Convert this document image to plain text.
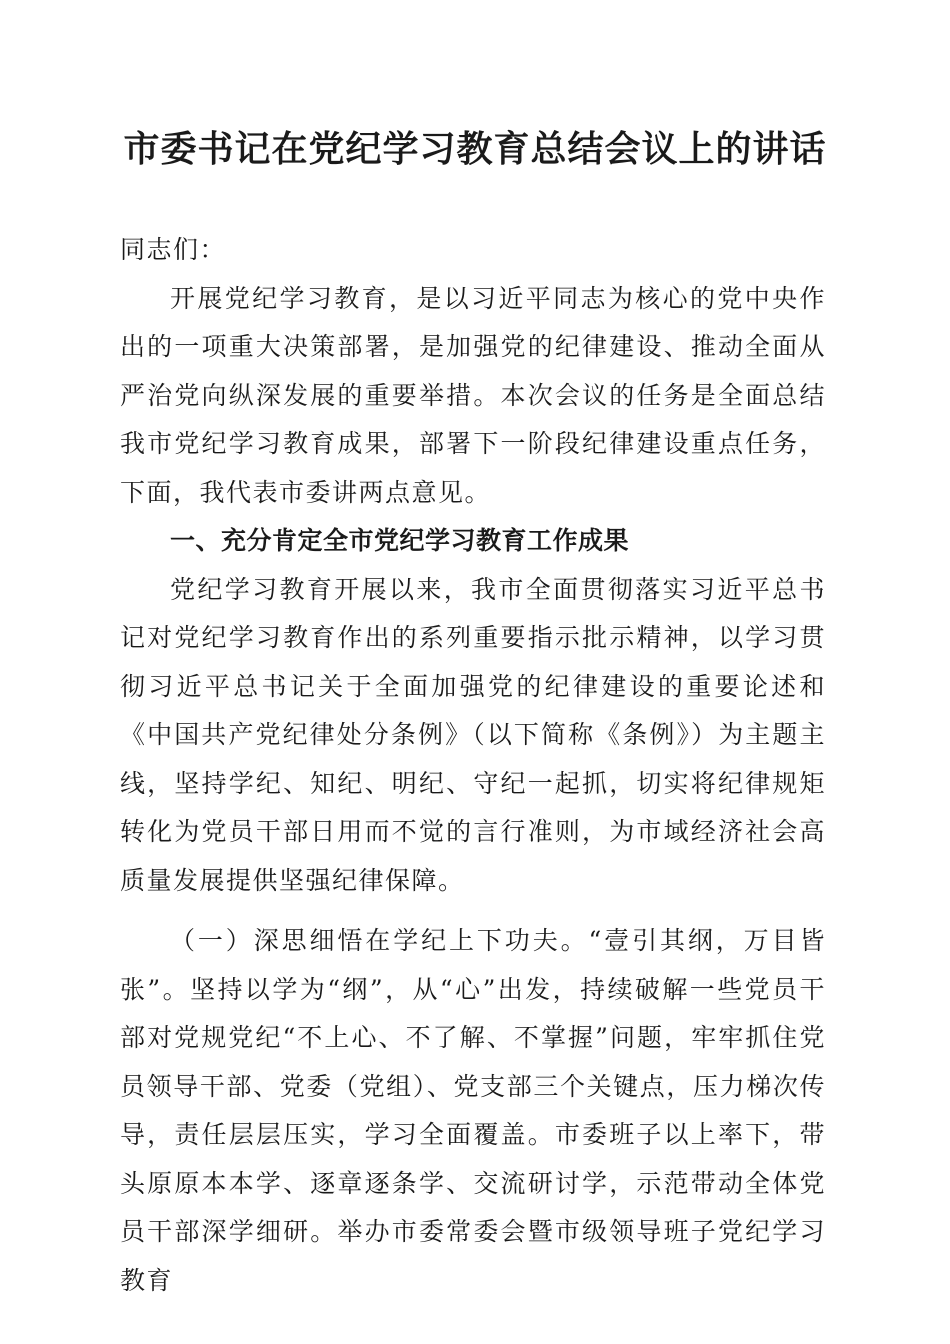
市委书记在党纪学习教育总结会议上的讲话

同志们：

开展党纪学习教育，是以习近平同志为核心的党中央作出的一项重大决策部署，是加强党的纪律建设、推动全面从严治党向纵深发展的重要举措。本次会议的任务是全面总结我市党纪学习教育成果，部署下一阶段纪律建设重点任务，下面，我代表市委讲两点意见。

一、充分肯定全市党纪学习教育工作成果

党纪学习教育开展以来，我市全面贯彻落实习近平总书记对党纪学习教育作出的系列重要指示批示精神，以学习贯彻习近平总书记关于全面加强党的纪律建设的重要论述和《中国共产党纪律处分条例》（以下简称《条例》）为主题主线，坚持学纪、知纪、明纪、守纪一起抓，切实将纪律规矩转化为党员干部日用而不觉的言行准则，为市域经济社会高质量发展提供坚强纪律保障。

（一）深思细悟在学纪上下功夫。“壹引其纲，万目皆张”。坚持以学为“纲”，从“心”出发，持续破解一些党员干部对党规党纪“不上心、不了解、不掌握”问题，牢牢抓住党员领导干部、党委（党组）、党支部三个关键点，压力梯次传导，责任层层压实，学习全面覆盖。市委班子以上率下，带头原原本本学、逐章逐条学、交流研讨学，示范带动全体党员干部深学细研。举办市委常委会暨市级领导班子党纪学习教育
